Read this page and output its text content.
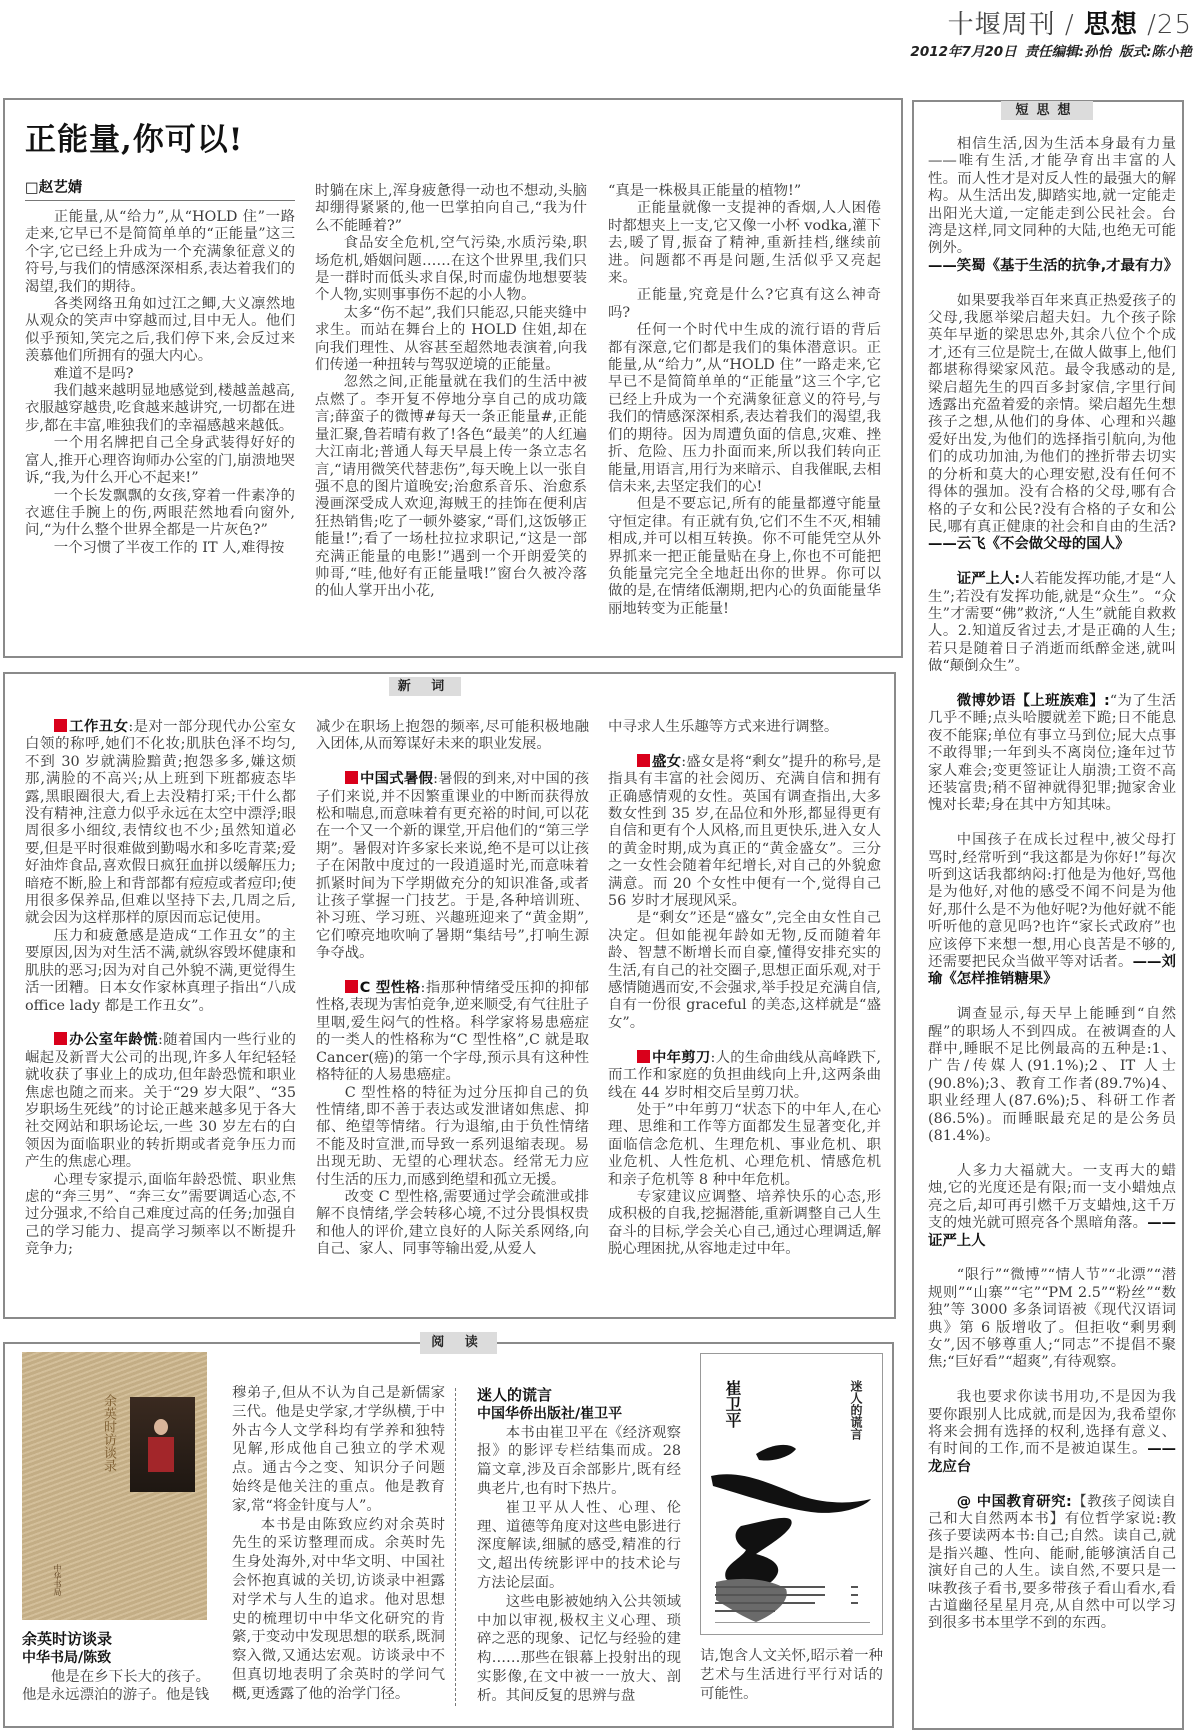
十堰周刊 / 思想 /25
2012年7月20日 责任编辑:孙怡 版式:陈小艳
正能量,你可以!
□赵艺婧

正能量,从“给力”,从“HOLD 住”一路走来,它早已不是简简单单的“正能量”这三个字,它已经上升成为一个充满象征意义的符号,与我们的情感深深相系,表达着我们的渴望,我们的期待。

各类网络丑角如过江之鲫,大义凛然地从观众的笑声中穿越而过,目中无人。他们似乎预知,笑完之后,我们停下来,会反过来羡慕他们所拥有的强大内心。

难道不是吗?

我们越来越明显地感觉到,楼越盖越高,衣服越穿越贵,吃食越来越讲究,一切都在进步,都在丰富,唯独我们的幸福感越来越低。

一个用名牌把自己全身武装得好好的富人,推开心理咨询师办公室的门,崩溃地哭诉,“我,为什么开心不起来!”

一个长发飘飘的女孩,穿着一件素净的衣遮住手腕上的伤,两眼茫然地看向窗外,问,“为什么整个世界全都是一片灰色?”

一个习惯了半夜工作的 IT 人,难得按

时躺在床上,浑身疲惫得一动也不想动,头脑却绷得紧紧的,他一巴掌拍向自己,“我为什么不能睡着?”

食品安全危机,空气污染,水质污染,职场危机,婚姻问题……在这个世界里,我们只是一群时而低头求自保,时而虚伪地想要装个人物,实则事事伤不起的小人物。

太多“伤不起”,我们只能忍,只能夹缝中求生。而站在舞台上的 HOLD 住姐,却在向我们理性、从容甚至超然地表演着,向我们传递一种扭转与驾驭逆境的正能量。

忽然之间,正能量就在我们的生活中被点燃了。李开复不停地分享自己的成功箴言;薛蛮子的微博#每天一条正能量#,正能量汇聚,鲁若晴有救了!各色“最美”的人红遍大江南北;普通人每天早晨上传一条立志名言,“请用微笑代替悲伤”,每天晚上以一张自强不息的图片道晚安;治愈系音乐、治愈系漫画深受成人欢迎,海贼王的挂饰在便利店狂热销售;吃了一顿外婆家,“哥们,这饭够正能量!”;看了一场杜拉拉求职记,“这是一部充满正能量的电影!”遇到一个开朗爱笑的帅哥,“哇,他好有正能量哦!”窗台久被冷落的仙人掌开出小花,

“真是一株极具正能量的植物!”

正能量就像一支提神的香烟,人人困倦时都想夹上一支,它又像一小杯 vodka,灌下去,暖了胃,振奋了精神,重新挂档,继续前进。问题都不再是问题,生活似乎又亮起来。

正能量,究竟是什么?它真有这么神奇吗?

任何一个时代中生成的流行语的背后都有深意,它们都是我们的集体潜意识。正能量,从“给力”,从“HOLD 住”一路走来,它早已不是简简单单的“正能量”这三个字,它已经上升成为一个充满象征意义的符号,与我们的情感深深相系,表达着我们的渴望,我们的期待。因为周遭负面的信息,灾难、挫折、危险、压力扑面而来,所以我们转向正能量,用语言,用行为来暗示、自我催眠,去相信未来,去坚定我们的心!

但是不要忘记,所有的能量都遵守能量守恒定律。有正就有负,它们不生不灭,相辅相成,并可以相互转换。你不可能凭空从外界抓来一把正能量贴在身上,你也不可能把负能量完完全全地赶出你的世界。你可以做的是,在情绪低潮期,把内心的负面能量华丽地转变为正能量!

短思想

相信生活,因为生活本身最有力量——唯有生活,才能孕育出丰富的人性。而人性才是对反人性的最强大的解构。从生活出发,脚踏实地,就一定能走出阳光大道,一定能走到公民社会。台湾是这样,同文同种的大陆,也绝无可能例外。
——笑蜀《基于生活的抗争,才最有力》

如果要我举百年来真正热爱孩子的父母,我愿举梁启超夫妇。九个孩子除英年早逝的梁思忠外,其余八位个个成才,还有三位是院士,在做人做事上,他们都堪称得梁家风范。最令我感动的是,梁启超先生的四百多封家信,字里行间透露出充盈着爱的亲情。梁启超先生想孩子之想,从他们的身体、心理和兴趣爱好出发,为他们的选择指引航向,为他们的成功加油,为他们的挫折带去切实的分析和莫大的心理安慰,没有任何不得体的强加。没有合格的父母,哪有合格的子女和公民?没有合格的子女和公民,哪有真正健康的社会和自由的生活?——云飞《不会做父母的国人》

证严上人:人若能发挥功能,才是“人生”;若没有发挥功能,就是“众生”。“众生”才需要“佛”救济,“人生”就能自救救人。2.知道反省过去,才是正确的人生;若只是随着日子消逝而纸醉金迷,就叫做“颠倒众生”。

微博妙语【上班族难】:“为了生活几乎不睡;点头哈腰就差下跪;日不能息夜不能寐;单位有事立马到位;屁大点事不敢得罪;一年到头不离岗位;逢年过节家人难会;变更签证让人崩溃;工资不高还装富贵;稍不留神就得犯罪;抛家舍业愧对长辈;身在其中方知其味。

中国孩子在成长过程中,被父母打骂时,经常听到“我这都是为你好!”每次听到这话我都纳闷:打他是为他好,骂他是为他好,对他的感受不闻不问是为他好,那什么是不为他好呢?为他好就不能听听他的意见吗?也许“家长式政府”也应该停下来想一想,用心良苦是不够的,还需要把民众当做平等对话者。——刘瑜《怎样推销糖果》

调查显示,每天早上能睡到“自然醒”的职场人不到四成。在被调查的人群中,睡眠不足比例最高的五种是:1、广告/传媒人(91.1%);2、IT 人士(90.8%);3、教育工作者(89.7%)4、职业经理人(87.6%);5、科研工作者(86.5%)。而睡眠最充足的是公务员(81.4%)。

人多力大福就大。一支再大的蜡烛,它的光度还是有限;而一支小蜡烛点亮之后,却可再引燃千万支蜡烛,这千万支的烛光就可照亮各个黑暗角落。——证严上人

“限行”“微博”“情人节”“北漂”“潜规则”“山寨”“宅”“PM 2.5”“粉丝”“数独”等 3000 多条词语被《现代汉语词典》第 6 版增收了。但拒收“剩男剩女”,因不够尊重人;“同志”不提倡不聚焦;“巨好看”“超爽”,有待观察。

我也要求你读书用功,不是因为我要你跟别人比成就,而是因为,我希望你将来会拥有选择的权利,选择有意义、有时间的工作,而不是被迫谋生。——龙应台

@ 中国教育研究:【教孩子阅读自己和大自然两本书】有位哲学家说:教孩子要读两本书:自己;自然。读自己,就是指兴趣、性向、能耐,能够演活自己演好自己的人生。读自然,不要只是一味教孩子看书,要多带孩子看山看水,看古道幽径星星月亮,从自然中可以学习到很多书本里学不到的东西。

新 词

工作丑女:是对一部分现代办公室女白领的称呼,她们不化妆;肌肤色泽不均匀,不到 30 岁就满脸黯黄;抱怨多多,嫌这烦那,满脸的不高兴;从上班到下班都疲态毕露,黑眼圈很大,看上去没精打采;干什么都没有精神,注意力似乎永远在太空中漂浮;眼周很多小细纹,表情纹也不少;虽然知道必要,但是平时很难做到勤喝水和多吃青菜;爱好油炸食品,喜欢假日疯狂血拼以缓解压力;暗疮不断,脸上和背部都有痘痘或者痘印;使用很多保养品,但难以坚持下去,几周之后,就会因为这样那样的原因而忘记使用。

压力和疲惫感是造成“工作丑女”的主要原因,因为对生活不满,就纵容毁坏健康和肌肤的恶习;因为对自己外貌不满,更觉得生活一团糟。日本女作家林真理子指出“八成 office lady 都是工作丑女”。

办公室年龄慌:随着国内一些行业的崛起及新晋大公司的出现,许多人年纪轻轻就收获了事业上的成功,但年龄恐慌和职业焦虑也随之而来。关于“29 岁大限”、“35 岁职场生死线”的讨论正越来越多见于各大社交网站和职场论坛,一些 30 岁左右的白领因为面临职业的转折期或者竞争压力而产生的焦虑心理。

心理专家提示,面临年龄恐慌、职业焦虑的“奔三男”、“奔三女”需要调适心态,不过分强求,不给自己难度过高的任务;加强自己的学习能力、提高学习频率以不断提升竞争力;

减少在职场上抱怨的频率,尽可能积极地融入团体,从而筹谋好未来的职业发展。

中国式暑假:暑假的到来,对中国的孩子们来说,并不因繁重课业的中断而获得放松和喘息,而意味着有更充裕的时间,可以花在一个又一个新的课堂,开启他们的“第三学期”。暑假对许多家长来说,绝不是可以让孩子在闲散中度过的一段逍遥时光,而意味着抓紧时间为下学期做充分的知识准备,或者让孩子掌握一门技艺。于是,各种培训班、补习班、学习班、兴趣班迎来了“黄金期”,它们嘹亮地吹响了暑期“集结号”,打响生源争夺战。

C 型性格:指那种情绪受压抑的抑郁性格,表现为害怕竞争,逆来顺受,有气往肚子里咽,爱生闷气的性格。科学家将易患癌症的一类人的性格称为“C 型性格”,C 就是取 Cancer(癌)的第一个字母,预示具有这种性格特征的人易患癌症。

C 型性格的特征为过分压抑自己的负性情绪,即不善于表达或发泄诸如焦虑、抑郁、绝望等情绪。行为退缩,由于负性情绪不能及时宣泄,而导致一系列退缩表现。易出现无助、无望的心理状态。经常无力应付生活的压力,而感到绝望和孤立无援。

改变 C 型性格,需要通过学会疏泄或排解不良情绪,学会转移心境,不过分畏惧权贵和他人的评价,建立良好的人际关系网络,向自己、家人、同事等输出爱,从爱人

中寻求人生乐趣等方式来进行调整。

盛女:盛女是将“剩女”提升的称号,是指具有丰富的社会阅历、充满自信和拥有正确感情观的女性。英国有调查指出,大多数女性到 35 岁,在品位和外形,都显得更有自信和更有个人风格,而且更快乐,进入女人的黄金时期,成为真正的“黄金盛女”。三分之一女性会随着年纪增长,对自己的外貌愈满意。而 20 个女性中便有一个,觉得自己 56 岁时才展现风采。

是“剩女”还是“盛女”,完全由女性自己决定。但如能视年龄如无物,反而随着年龄、智慧不断增长而自豪,懂得安排充实的生活,有自己的社交圈子,思想正面乐观,对于感情随遇而安,不会强求,举手投足充满自信,自有一份很 graceful 的美态,这样就是“盛女”。

中年剪刀:人的生命曲线从高峰跌下,而工作和家庭的负担曲线向上升,这两条曲线在 44 岁时相交后呈剪刀状。

处于”中年剪刀“状态下的中年人,在心理、思维和工作等方面都发生显著变化,并面临信念危机、生理危机、事业危机、职业危机、人性危机、心理危机、情感危机和亲子危机等 8 种中年危机。

专家建议应调整、培养快乐的心态,形成积极的自我,挖掘潜能,重新调整自己人生奋斗的目标,学会关心自己,通过心理调适,解脱心理困扰,从容地走过中年。

阅 读
余英时访谈录
中华书局
余英时访谈录
中华书局/陈致

他是在乡下长大的孩子。他是永远漂泊的游子。他是钱

穆弟子,但从不认为自己是新儒家三代。他是史学家,才学纵横,于中外古今人文学科均有学养和独特见解,形成他自己独立的学术观点。通古今之变、知识分子问题始终是他关注的重点。他是教育家,常“将金针度与人”。

本书是由陈致应约对余英时先生的采访整理而成。余英时先生身处海外,对中华文明、中国社会怀抱真诚的关切,访谈录中袒露对学术与人生的追求。他对思想史的梳理切中中华文化研究的肯綮,于变动中发现思想的联系,既洞察入微,又通达宏观。访谈录中不但真切地表明了余英时的学问气概,更透露了他的治学门径。

迷人的谎言
中国华侨出版社/崔卫平

本书由崔卫平在《经济观察报》的影评专栏结集而成。28 篇文章,涉及百余部影片,既有经典老片,也有时下热片。

崔卫平从人性、心理、伦理、道德等角度对这些电影进行深度解读,细腻的感受,精准的行文,超出传统影评中的技术论与方法论层面。

这些电影被她纳入公共领域中加以审视,极权主义心理、琐碎之恶的现象、记忆与经验的建构……那些在银幕上投射出的现实影像,在文中被一一放大、剖析。其间反复的思辨与盘

崔卫平	迷人的谎言

诘,饱含人文关怀,昭示着一种艺术与生活进行平行对话的可能性。
